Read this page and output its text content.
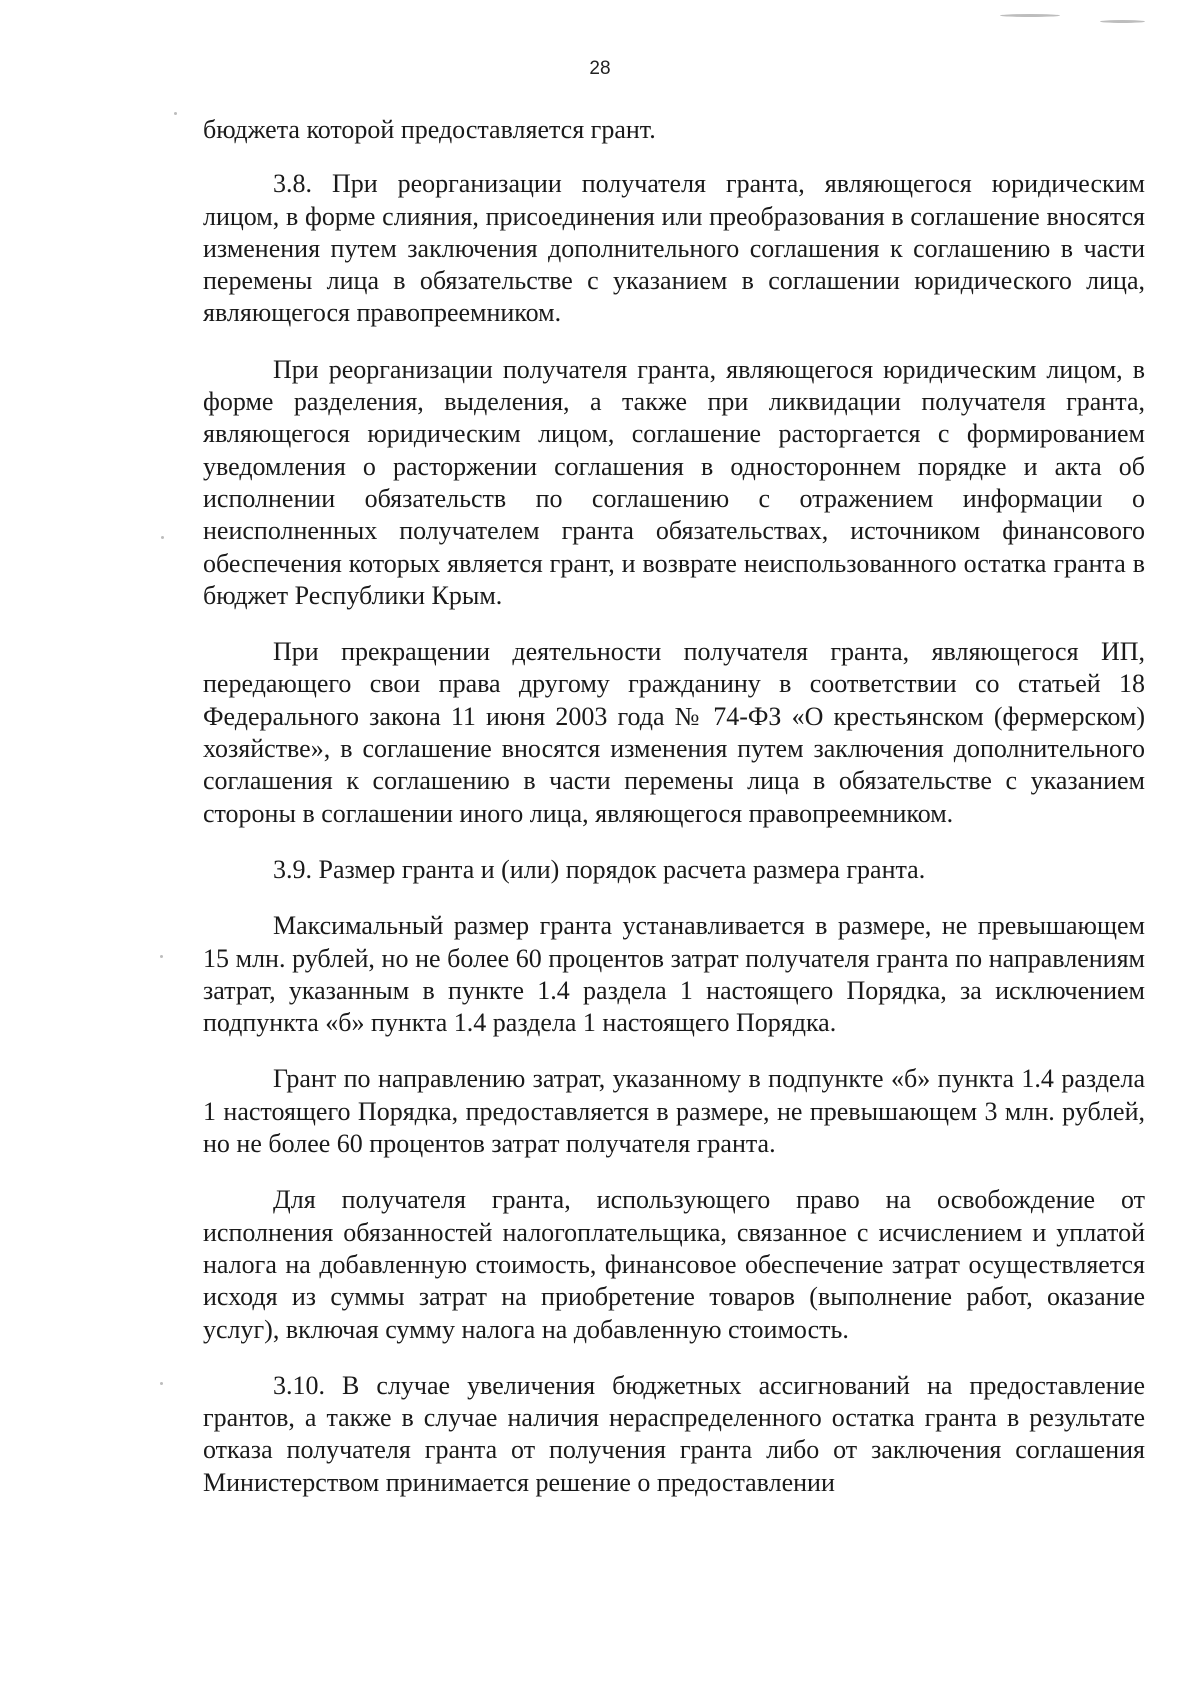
28

бюджета которой предоставляется грант.

3.8. При реорганизации получателя гранта, являющегося юридическим лицом, в форме слияния, присоединения или преобразования в соглашение вносятся изменения путем заключения дополнительного соглашения к соглашению в части перемены лица в обязательстве с указанием в соглашении юридического лица, являющегося правопреемником.

При реорганизации получателя гранта, являющегося юридическим лицом, в форме разделения, выделения, а также при ликвидации получателя гранта, являющегося юридическим лицом, соглашение расторгается с формированием уведомления о расторжении соглашения в одностороннем порядке и акта об исполнении обязательств по соглашению с отражением информации о неисполненных получателем гранта обязательствах, источником финансового обеспечения которых является грант, и возврате неиспользованного остатка гранта в бюджет Республики Крым.

При прекращении деятельности получателя гранта, являющегося ИП, передающего свои права другому гражданину в соответствии со статьей 18 Федерального закона 11 июня 2003 года № 74-ФЗ «О крестьянском (фермерском) хозяйстве», в соглашение вносятся изменения путем заключения дополнительного соглашения к соглашению в части перемены лица в обязательстве с указанием стороны в соглашении иного лица, являющегося правопреемником.

3.9. Размер гранта и (или) порядок расчета размера гранта.

Максимальный размер гранта устанавливается в размере, не превышающем 15 млн. рублей, но не более 60 процентов затрат получателя гранта по направлениям затрат, указанным в пункте 1.4 раздела 1 настоящего Порядка, за исключением подпункта «б» пункта 1.4 раздела 1 настоящего Порядка.

Грант по направлению затрат, указанному в подпункте «б» пункта 1.4 раздела 1 настоящего Порядка, предоставляется в размере, не превышающем 3 млн. рублей, но не более 60 процентов затрат получателя гранта.

Для получателя гранта, использующего право на освобождение от исполнения обязанностей налогоплательщика, связанное с исчислением и уплатой налога на добавленную стоимость, финансовое обеспечение затрат осуществляется исходя из суммы затрат на приобретение товаров (выполнение работ, оказание услуг), включая сумму налога на добавленную стоимость.

3.10. В случае увеличения бюджетных ассигнований на предоставление грантов, а также в случае наличия нераспределенного остатка гранта в результате отказа получателя гранта от получения гранта либо от заключения соглашения Министерством принимается решение о предоставлении
